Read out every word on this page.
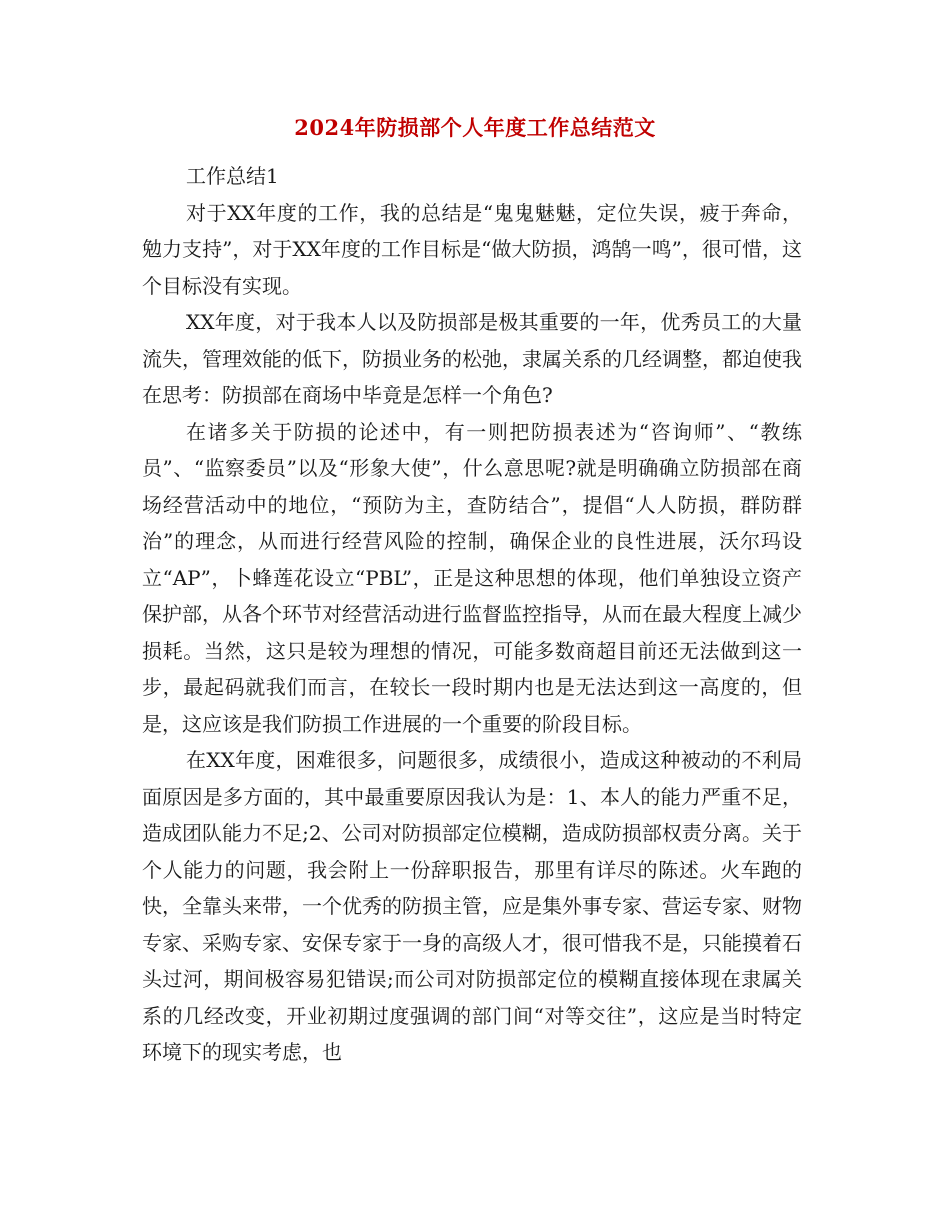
2024年防损部个人年度工作总结范文

工作总结1

对于XX年度的工作，我的总结是“鬼鬼魅魅，定位失误，疲于奔命，勉力支持”，对于XX年度的工作目标是“做大防损，鸿鹄一鸣”，很可惜，这个目标没有实现。

XX年度，对于我本人以及防损部是极其重要的一年，优秀员工的大量流失，管理效能的低下，防损业务的松弛，隶属关系的几经调整，都迫使我在思考：防损部在商场中毕竟是怎样一个角色?

在诸多关于防损的论述中，有一则把防损表述为“咨询师”、“教练员”、“监察委员”以及“形象大使”，什么意思呢?就是明确确立防损部在商场经营活动中的地位，“预防为主，查防结合”，提倡“人人防损，群防群治”的理念，从而进行经营风险的控制，确保企业的良性进展，沃尔玛设立“AP”，卜蜂莲花设立“PBL”，正是这种思想的体现，他们单独设立资产保护部，从各个环节对经营活动进行监督监控指导，从而在最大程度上减少损耗。当然，这只是较为理想的情况，可能多数商超目前还无法做到这一步，最起码就我们而言，在较长一段时期内也是无法达到这一高度的，但是，这应该是我们防损工作进展的一个重要的阶段目标。

在XX年度，困难很多，问题很多，成绩很小，造成这种被动的不利局面原因是多方面的，其中最重要原因我认为是：1、本人的能力严重不足，造成团队能力不足;2、公司对防损部定位模糊，造成防损部权责分离。关于个人能力的问题，我会附上一份辞职报告，那里有详尽的陈述。火车跑的快，全靠头来带，一个优秀的防损主管，应是集外事专家、营运专家、财物专家、采购专家、安保专家于一身的高级人才，很可惜我不是，只能摸着石头过河，期间极容易犯错误;而公司对防损部定位的模糊直接体现在隶属关系的几经改变，开业初期过度强调的部门间“对等交往”，这应是当时特定环境下的现实考虑，也
